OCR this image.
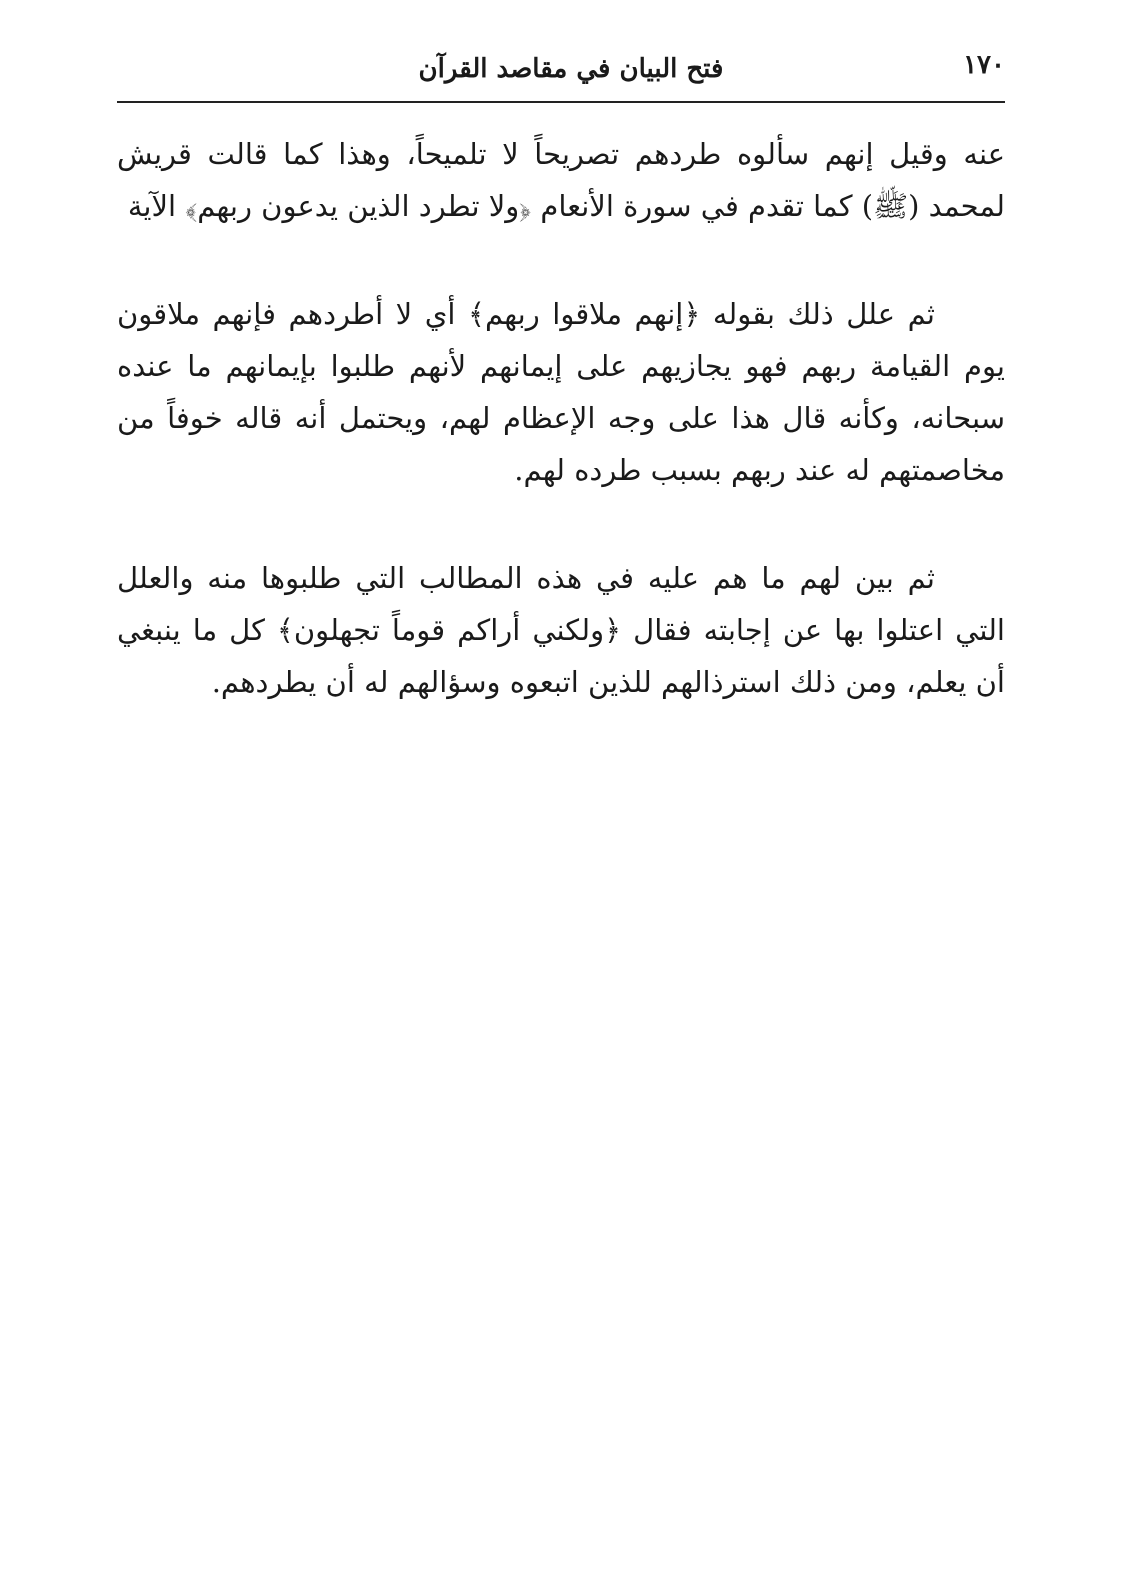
١٧٠
فتح البيان في مقاصد القرآن

عنه وقيل إنهم سألوه طردهم تصريحاً لا تلميحاً، وهذا كما قالت قريش لمحمد (ﷺ) كما تقدم في سورة الأنعام ﴿ولا تطرد الذين يدعون ربهم﴾ الآية

ثم علل ذلك بقوله ﴿إنهم ملاقوا ربهم﴾ أي لا أطردهم فإنهم ملاقون يوم القيامة ربهم فهو يجازيهم على إيمانهم لأنهم طلبوا بإيمانهم ما عنده سبحانه، وكأنه قال هذا على وجه الإعظام لهم، ويحتمل أنه قاله خوفاً من مخاصمتهم له عند ربهم بسبب طرده لهم.

ثم بين لهم ما هم عليه في هذه المطالب التي طلبوها منه والعلل التي اعتلوا بها عن إجابته فقال ﴿ولكني أراكم قوماً تجهلون﴾ كل ما ينبغي أن يعلم، ومن ذلك استرذالهم للذين اتبعوه وسؤالهم له أن يطردهم.
